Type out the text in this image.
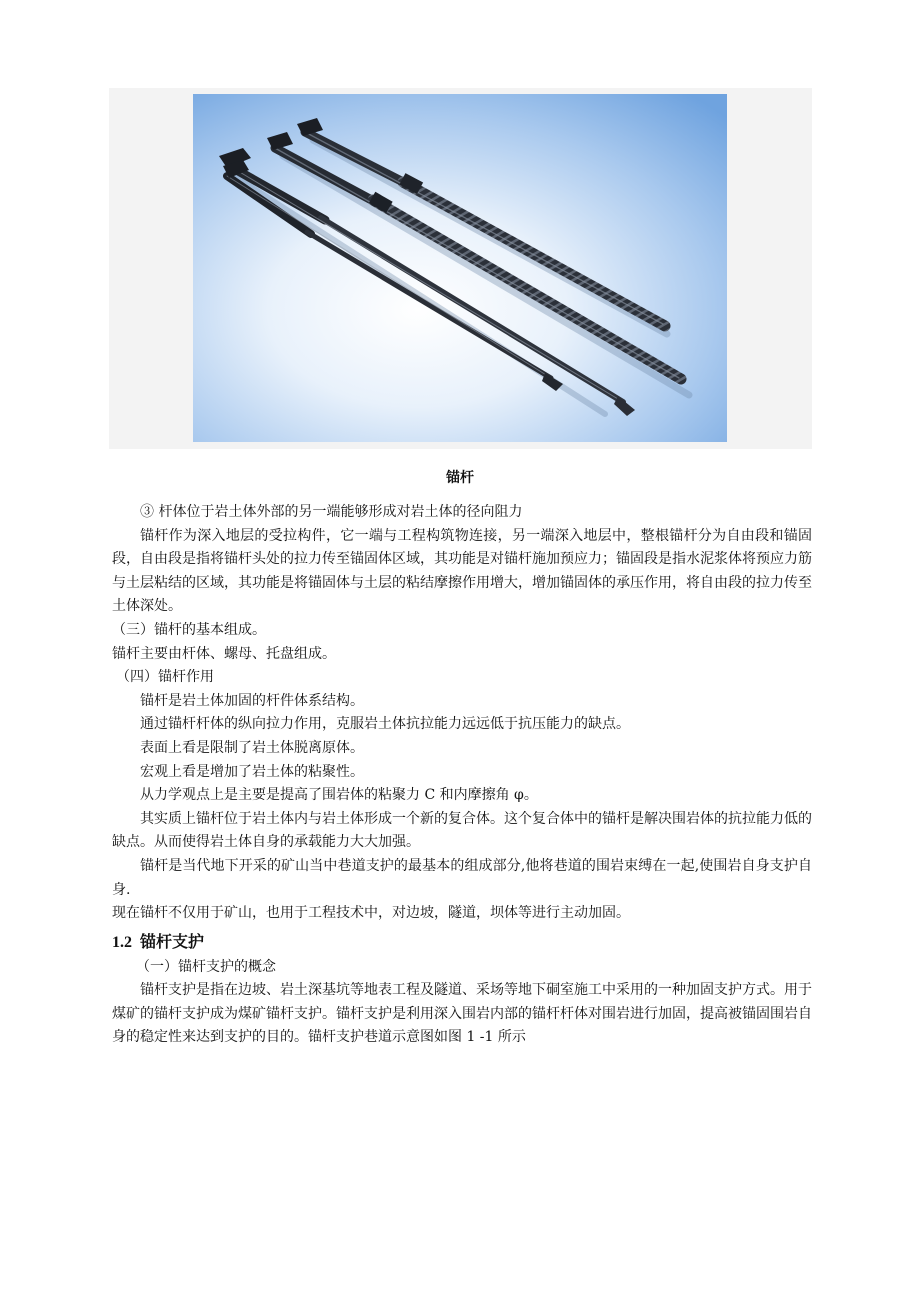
锚杆

③ 杆体位于岩土体外部的另一端能够形成对岩土体的径向阻力

锚杆作为深入地层的受拉构件，它一端与工程构筑物连接，另一端深入地层中，整根锚杆分为自由段和锚固段，自由段是指将锚杆头处的拉力传至锚固体区域，其功能是对锚杆施加预应力；锚固段是指水泥浆体将预应力筋与土层粘结的区域，其功能是将锚固体与土层的粘结摩擦作用增大，增加锚固体的承压作用，将自由段的拉力传至土体深处。

（三）锚杆的基本组成。

锚杆主要由杆体、螺母、托盘组成。

（四）锚杆作用

锚杆是岩土体加固的杆件体系结构。

通过锚杆杆体的纵向拉力作用，克服岩土体抗拉能力远远低于抗压能力的缺点。

表面上看是限制了岩土体脱离原体。

宏观上看是增加了岩土体的粘聚性。

从力学观点上是主要是提高了围岩体的粘聚力 C 和内摩擦角 φ。

其实质上锚杆位于岩土体内与岩土体形成一个新的复合体。这个复合体中的锚杆是解决围岩体的抗拉能力低的缺点。从而使得岩土体自身的承载能力大大加强。

锚杆是当代地下开采的矿山当中巷道支护的最基本的组成部分,他将巷道的围岩束缚在一起,使围岩自身支护自身.

现在锚杆不仅用于矿山，也用于工程技术中，对边坡，隧道，坝体等进行主动加固。

1.2 锚杆支护

（一）锚杆支护的概念

锚杆支护是指在边坡、岩土深基坑等地表工程及隧道、采场等地下硐室施工中采用的一种加固支护方式。用于煤矿的锚杆支护成为煤矿锚杆支护。锚杆支护是利用深入围岩内部的锚杆杆体对围岩进行加固，提高被锚固围岩自身的稳定性来达到支护的目的。锚杆支护巷道示意图如图 1 -1 所示
